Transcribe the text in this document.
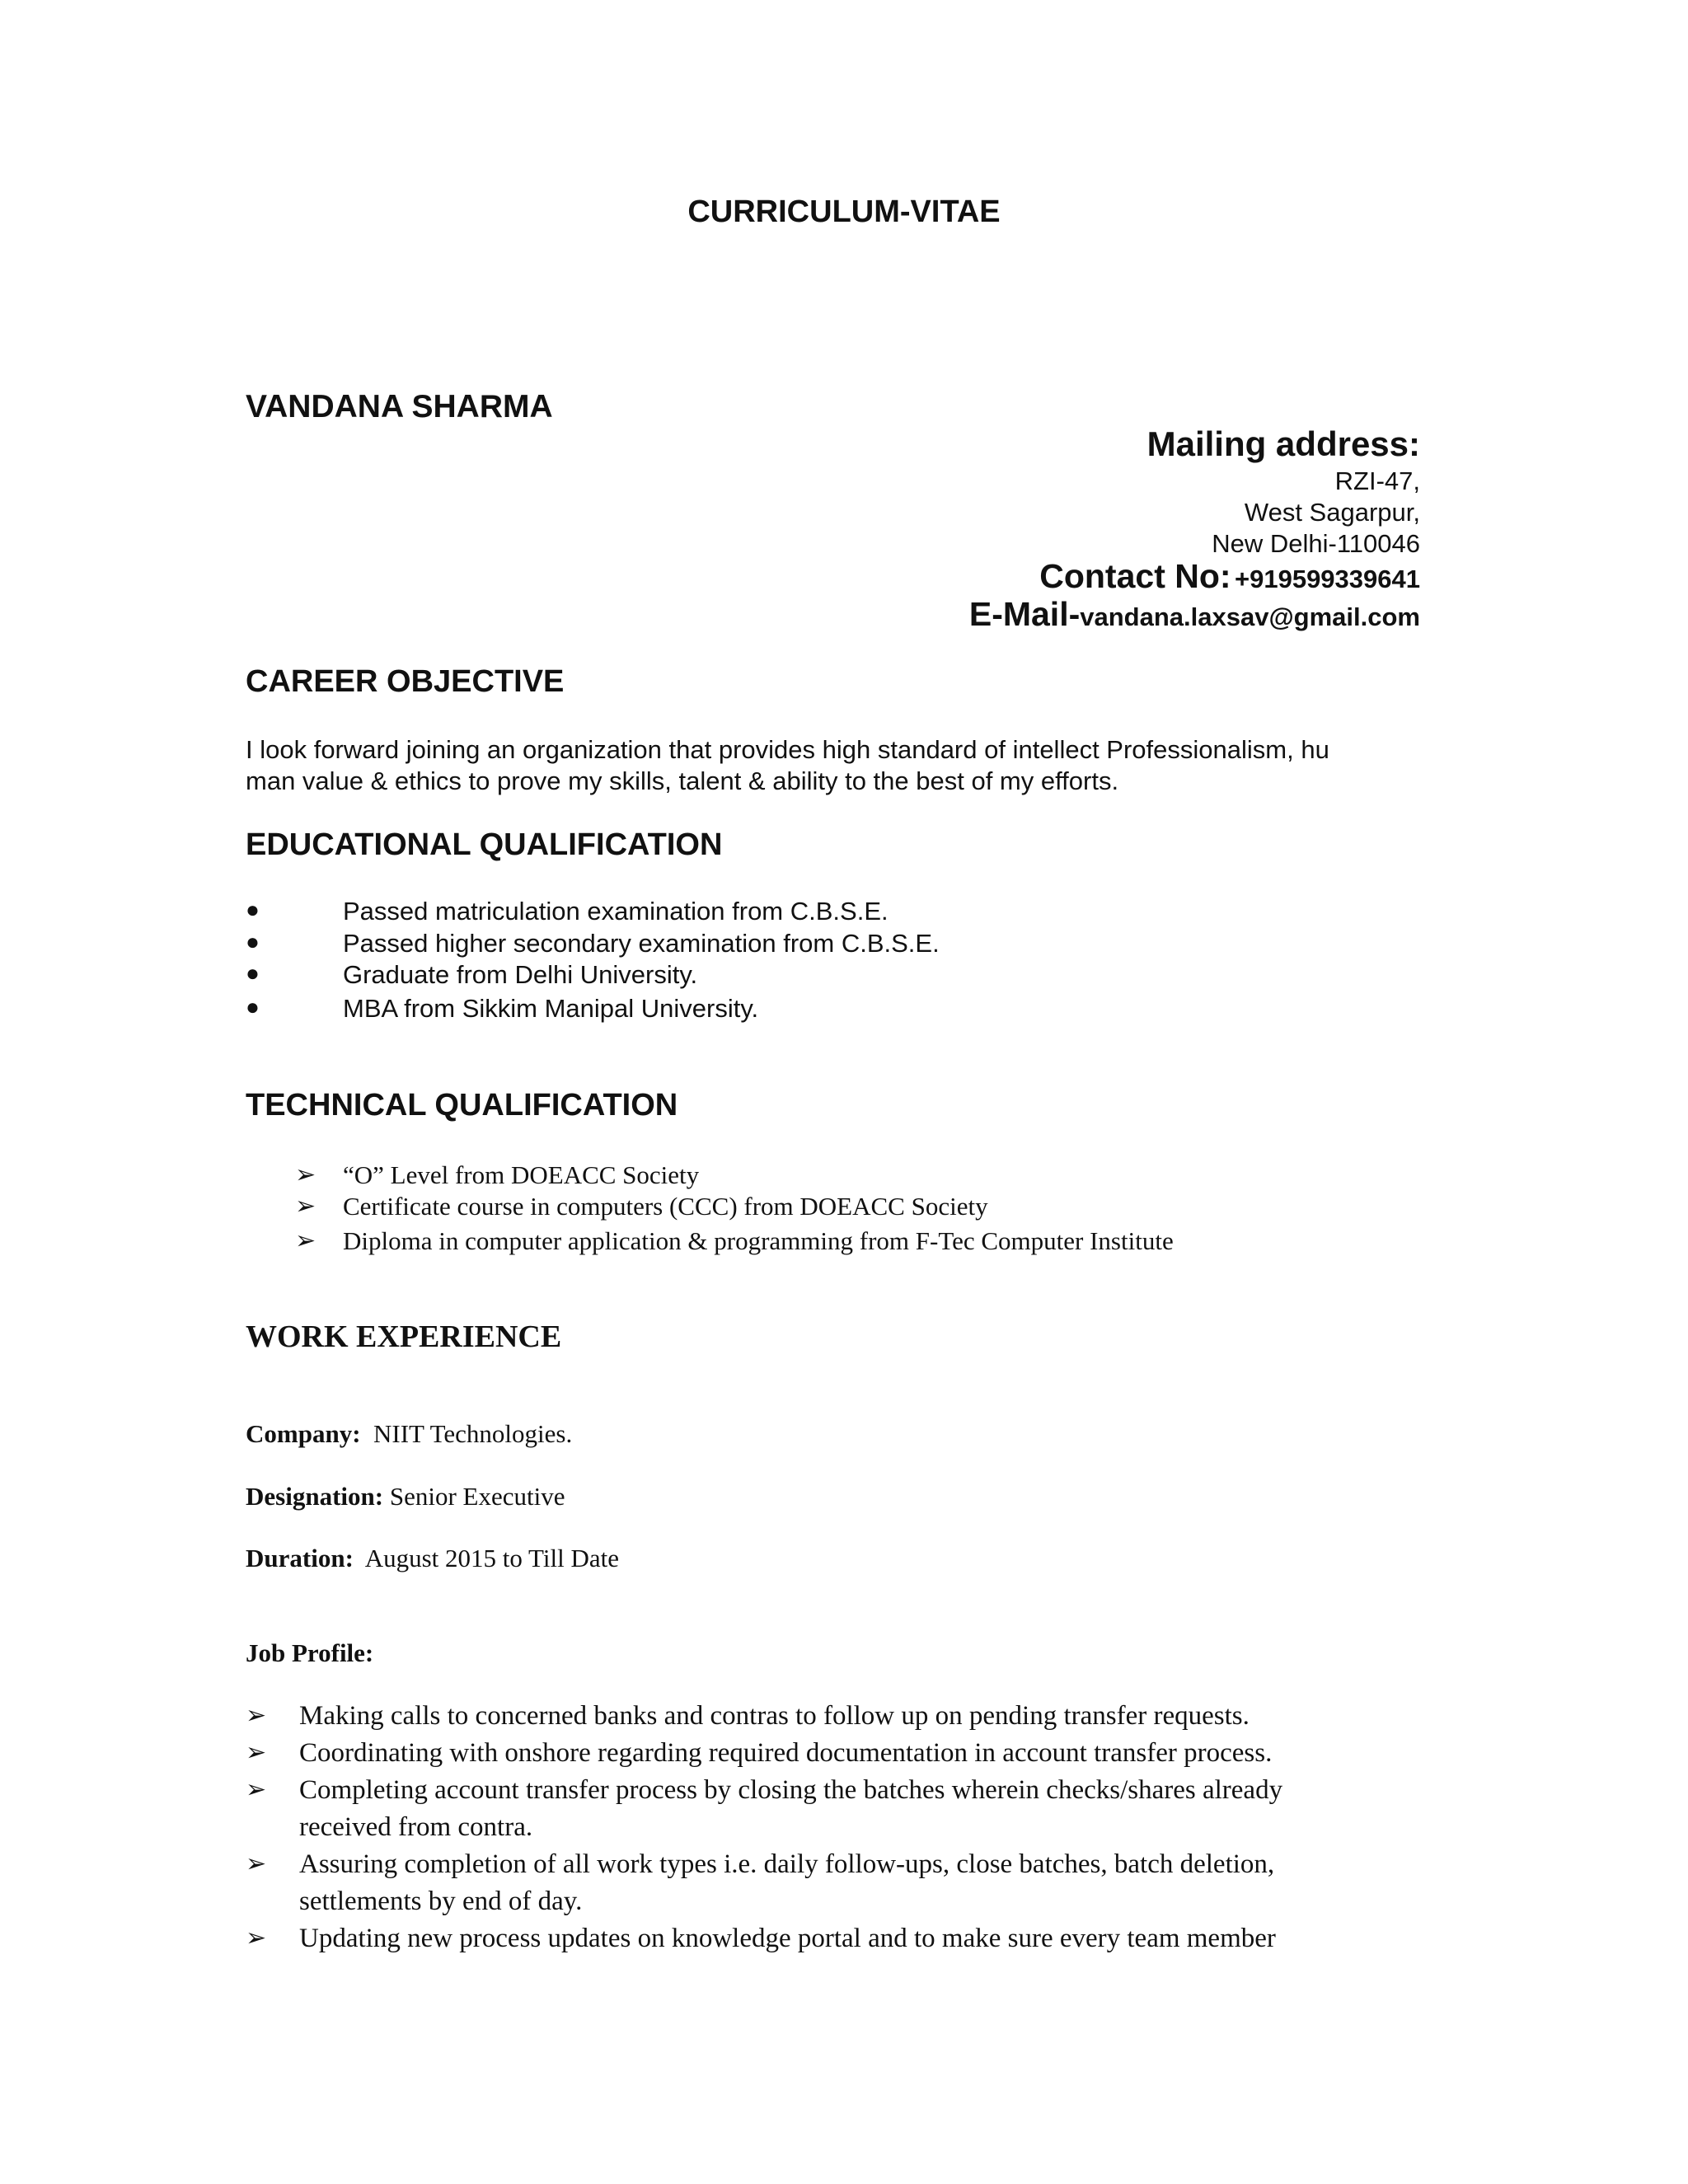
CURRICULUM-VITAE
VANDANA SHARMA
Mailing address:
RZI-47,
West Sagarpur,
New Delhi-110046
Contact No: +919599339641
E-Mail-vandana.laxsav@gmail.com
CAREER OBJECTIVE
I look forward joining an organization that provides high standard of intellect Professionalism, hu
man value & ethics to prove my skills, talent & ability to the best of my efforts.
EDUCATIONAL QUALIFICATION
●	Passed matriculation examination from C.B.S.E.
●	Passed higher secondary examination from C.B.S.E.
●	Graduate from Delhi University.
●	MBA from Sikkim Manipal University.
TECHNICAL QUALIFICATION
➢ “O” Level from DOEACC Society
➢ Certificate course in computers (CCC) from DOEACC Society
➢ Diploma in computer application & programming from F-Tec Computer Institute
WORK EXPERIENCE
Company: NIIT Technologies.
Designation: Senior Executive
Duration: August 2015 to Till Date
Job Profile:
➢ Making calls to concerned banks and contras to follow up on pending transfer requests.
➢ Coordinating with onshore regarding required documentation in account transfer process.
➢ Completing account transfer process by closing the batches wherein checks/shares already
received from contra.
➢ Assuring completion of all work types i.e. daily follow-ups, close batches, batch deletion,
settlements by end of day.
➢ Updating new process updates on knowledge portal and to make sure every team member
